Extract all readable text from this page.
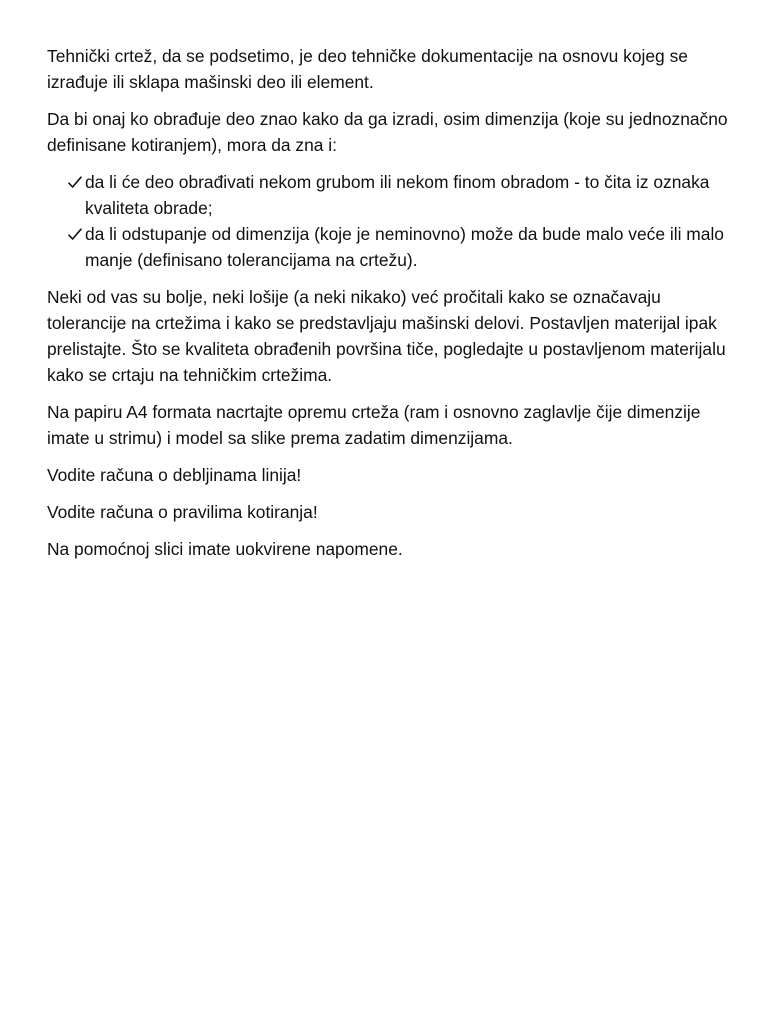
Tehnički crtež, da se podsetimo, je deo tehničke dokumentacije na osnovu kojeg se izrađuje ili sklapa mašinski deo ili element.

Da bi onaj ko obrađuje deo znao kako da ga izradi, osim dimenzija (koje su jednoznačno definisane kotiranjem), mora da zna i:

da li će deo obrađivati nekom grubom ili nekom finom obradom - to čita iz oznaka kvaliteta obrade;
da li odstupanje od dimenzija (koje je neminovno) može da bude malo veće ili malo manje (definisano tolerancijama na crtežu).

Neki od vas su bolje, neki lošije (a neki nikako) već pročitali kako se označavaju tolerancije na crtežima i kako se predstavljaju mašinski delovi. Postavljen materijal ipak prelistajte. Što se kvaliteta obrađenih površina tiče, pogledajte u postavljenom materijalu kako se crtaju na tehničkim crtežima.

Na papiru A4 formata nacrtajte opremu crteža (ram i osnovno zaglavlje čije dimenzije imate u strimu) i model sa slike prema zadatim dimenzijama.

Vodite računa o debljinama linija!

Vodite računa o pravilima kotiranja!

Na pomoćnoj slici imate uokvirene napomene.
